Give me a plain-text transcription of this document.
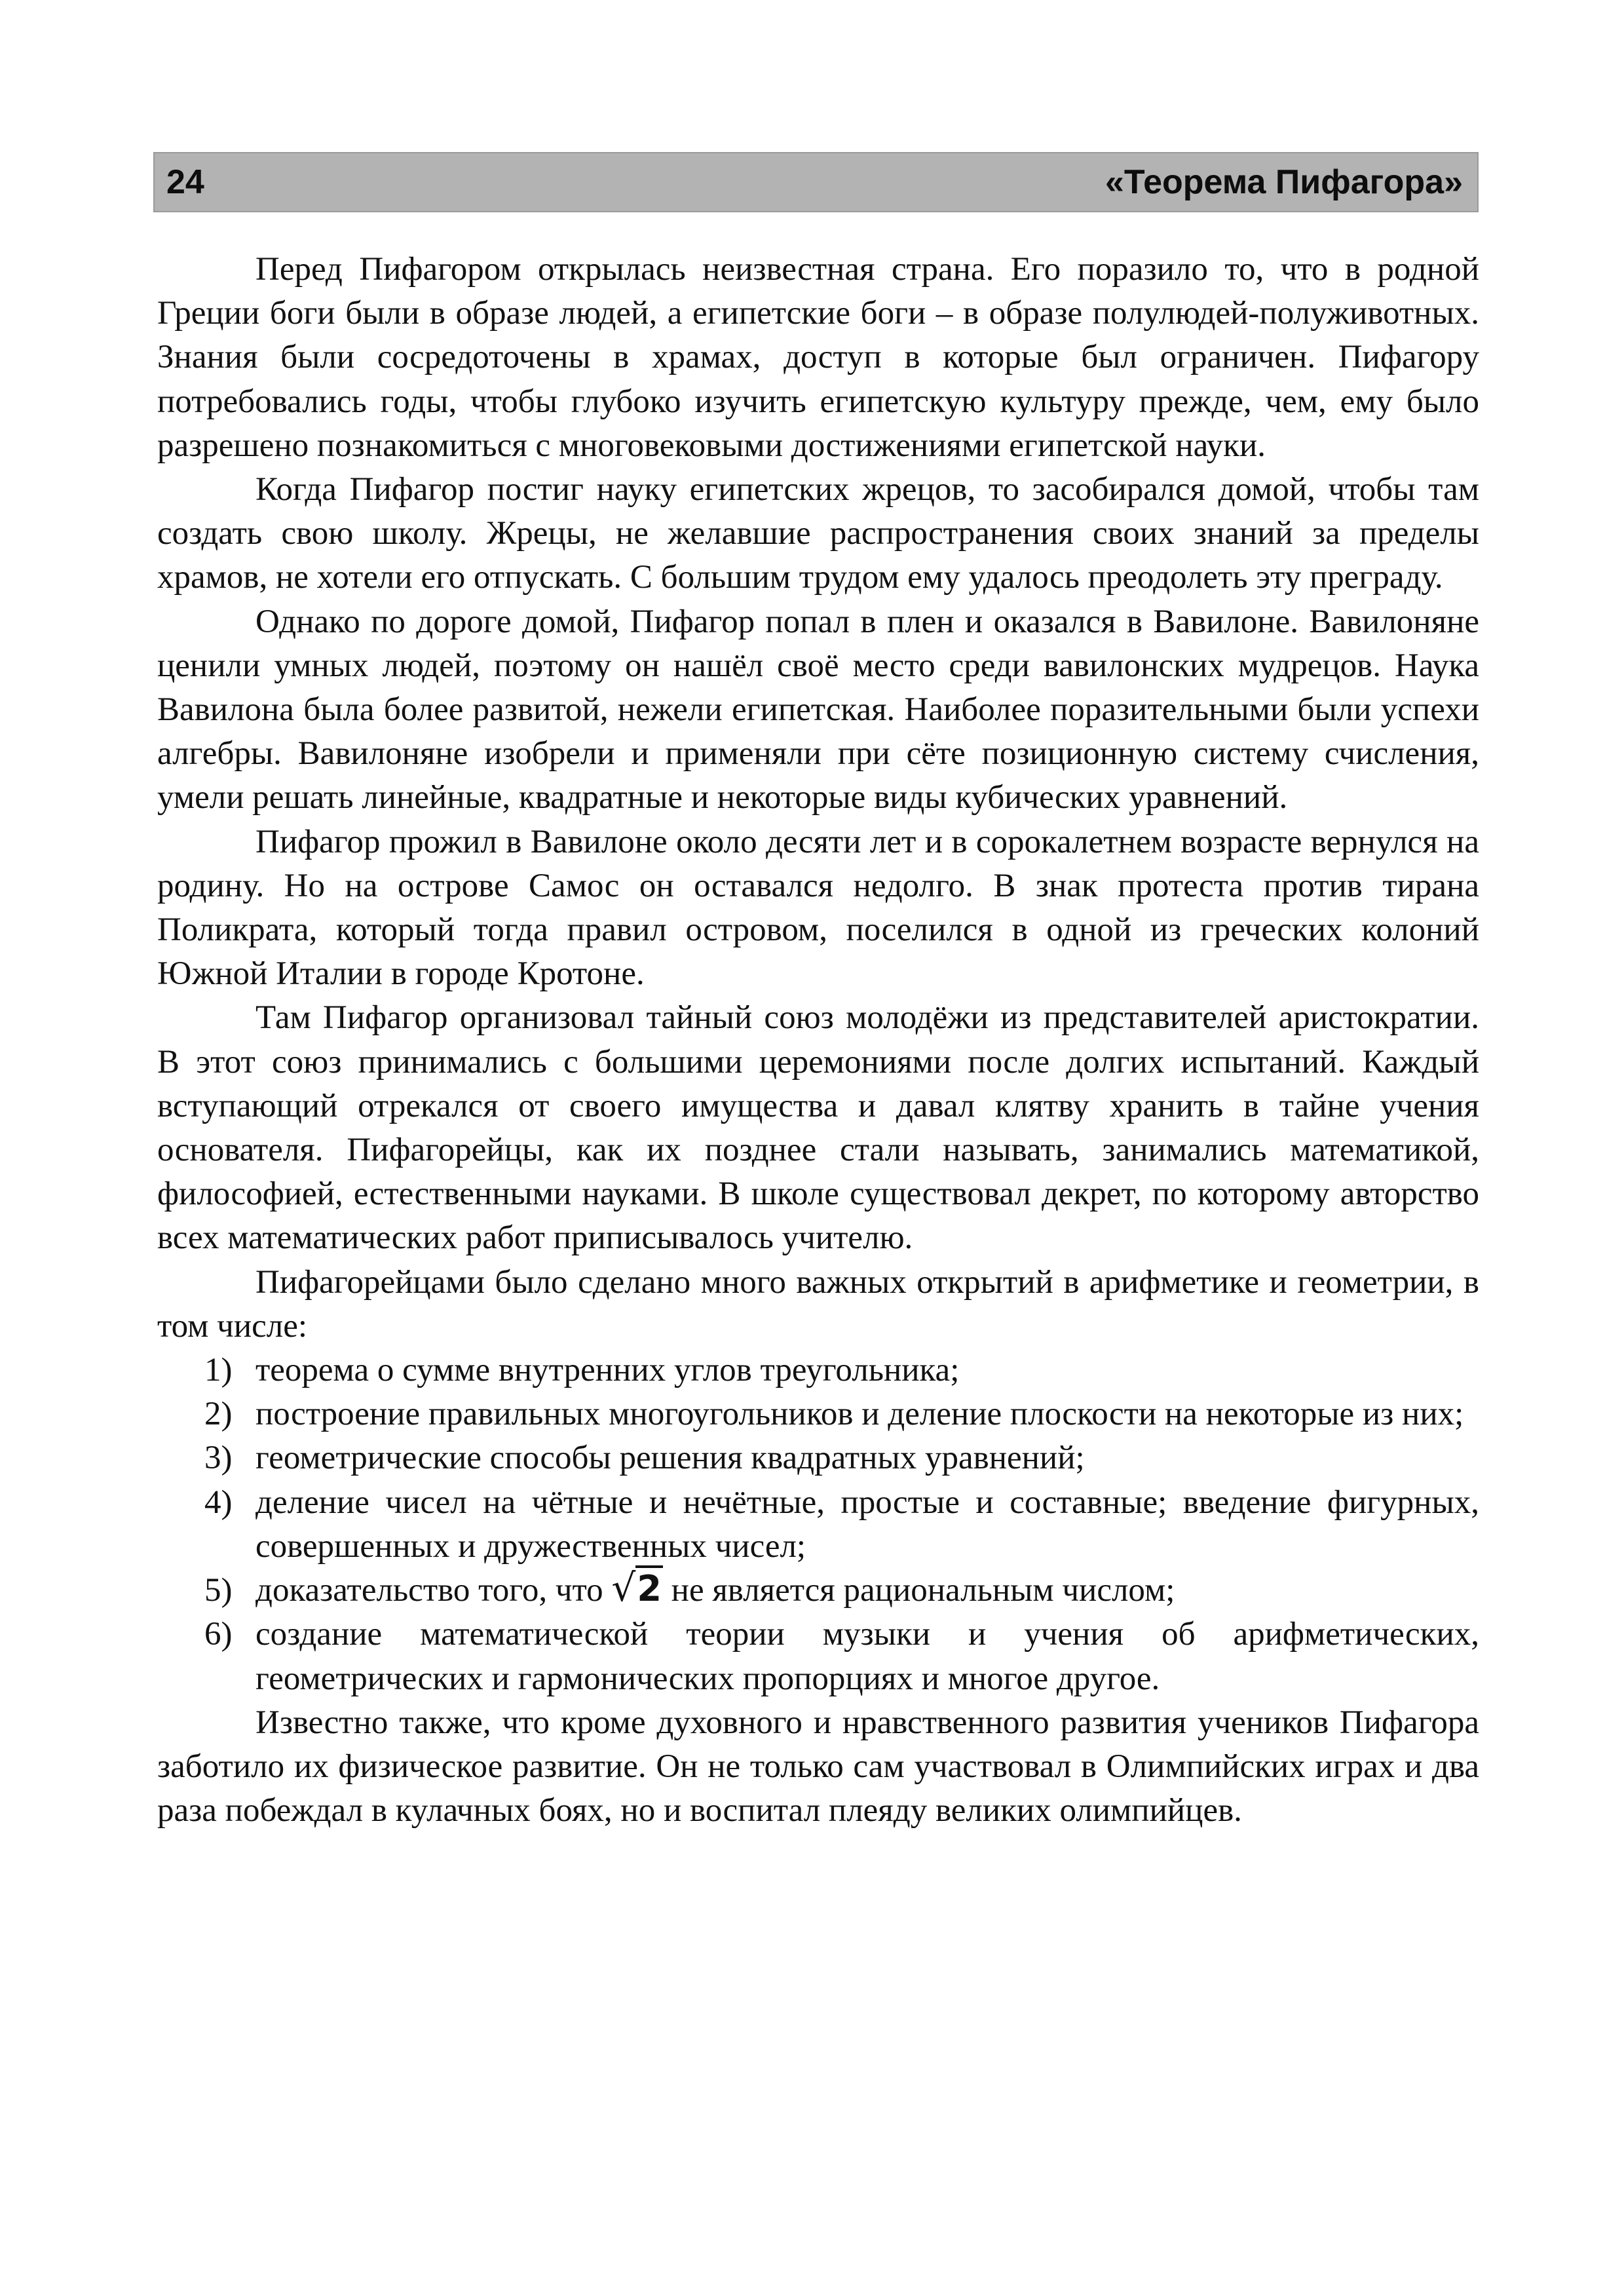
24	«Теорема Пифагора»

Перед Пифагором открылась неизвестная страна. Его поразило то, что в родной Греции боги были в образе людей, а египетские боги – в образе полулюдей-полуживотных. Знания были сосредоточены в храмах, доступ в которые был ограничен. Пифагору потребовались годы, чтобы глубоко изучить египетскую культуру прежде, чем, ему было разрешено познакомиться с многовековыми достижениями египетской науки.

Когда Пифагор постиг науку египетских жрецов, то засобирался домой, чтобы там создать свою школу. Жрецы, не желавшие распространения своих знаний за пределы храмов, не хотели его отпускать. С большим трудом ему удалось преодолеть эту преграду.

Однако по дороге домой, Пифагор попал в плен и оказался в Вавилоне. Вавилоняне ценили умных людей, поэтому он нашёл своё место среди вавилонских мудрецов. Наука Вавилона была более развитой, нежели египетская. Наиболее поразительными были успехи алгебры. Вавилоняне изобрели и применяли при сёте позиционную систему счисления, умели решать линейные, квадратные и некоторые виды кубических уравнений.

Пифагор прожил в Вавилоне около десяти лет и в сорокалетнем возрасте вернулся на родину. Но на острове Самос он оставался недолго. В знак протеста против тирана Поликрата, который тогда правил островом, поселился в одной из греческих колоний Южной Италии в городе Кротоне.

Там Пифагор организовал тайный союз молодёжи из представителей аристократии. В этот союз принимались с большими церемониями после долгих испытаний. Каждый вступающий отрекался от своего имущества и давал клятву хранить в тайне учения основателя. Пифагорейцы, как их позднее стали называть, занимались математикой, философией, естественными науками. В школе существовал декрет, по которому авторство всех математических работ приписывалось учителю.

Пифагорейцами было сделано много важных открытий в арифметике и геометрии, в том числе:

1) теорема о сумме внутренних углов треугольника;
2) построение правильных многоугольников и деление плоскости на некоторые из них;
3) геометрические способы решения квадратных уравнений;
4) деление чисел на чётные и нечётные, простые и составные; введение фигурных, совершенных и дружественных чисел;
5) доказательство того, что √2 не является рациональным числом;
6) создание математической теории музыки и учения об арифметических, геометрических и гармонических пропорциях и многое другое.

Известно также, что кроме духовного и нравственного развития учеников Пифагора заботило их физическое развитие. Он не только сам участвовал в Олимпийских играх и два раза побеждал в кулачных боях, но и воспитал плеяду великих олимпийцев.
